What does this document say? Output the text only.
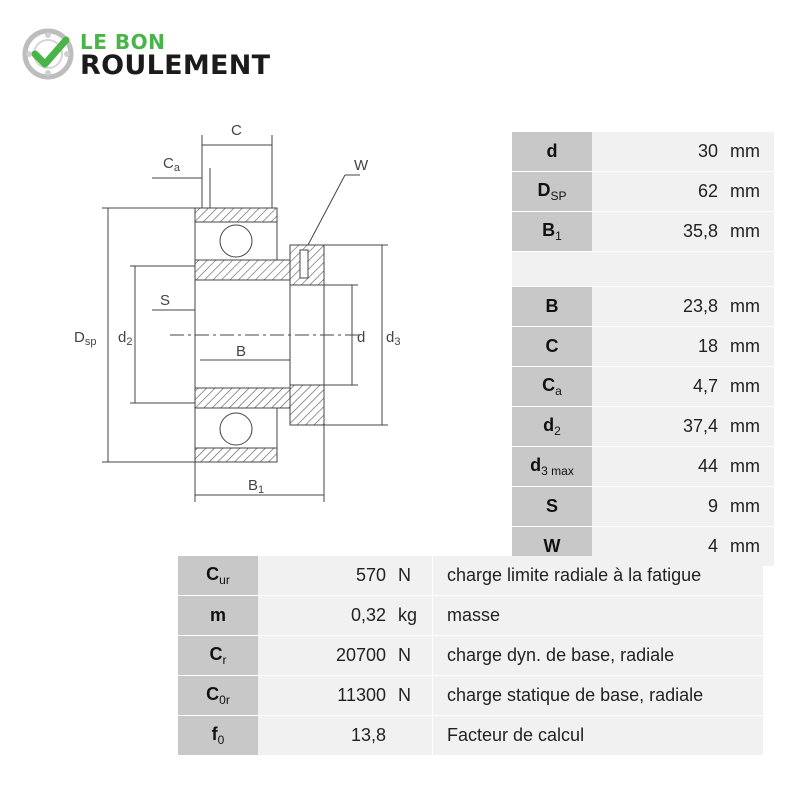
LE BON
ROULEMENT
C
$C_a$	W
S
B
$B_1$
$D_{sp}$ $d_2$	d $d_3$
d	30	mm
$D_{SP}$	62	mm
$B_1$	35,8	mm

B	23,8	mm
C	18	mm
$C_a$	4,7	mm
$d_2$	37,4	mm
$d_{3 max}$	44	mm
S	9	mm
W	4	mm
$C_{ur}$	570	N	charge limite radiale à la fatigue
m	0,32	kg	masse
$C_r$	20700	N	charge dyn. de base, radiale
$C_{0r}$	11300	N	charge statique de base, radiale
$f_0$	13,8		Facteur de calcul
